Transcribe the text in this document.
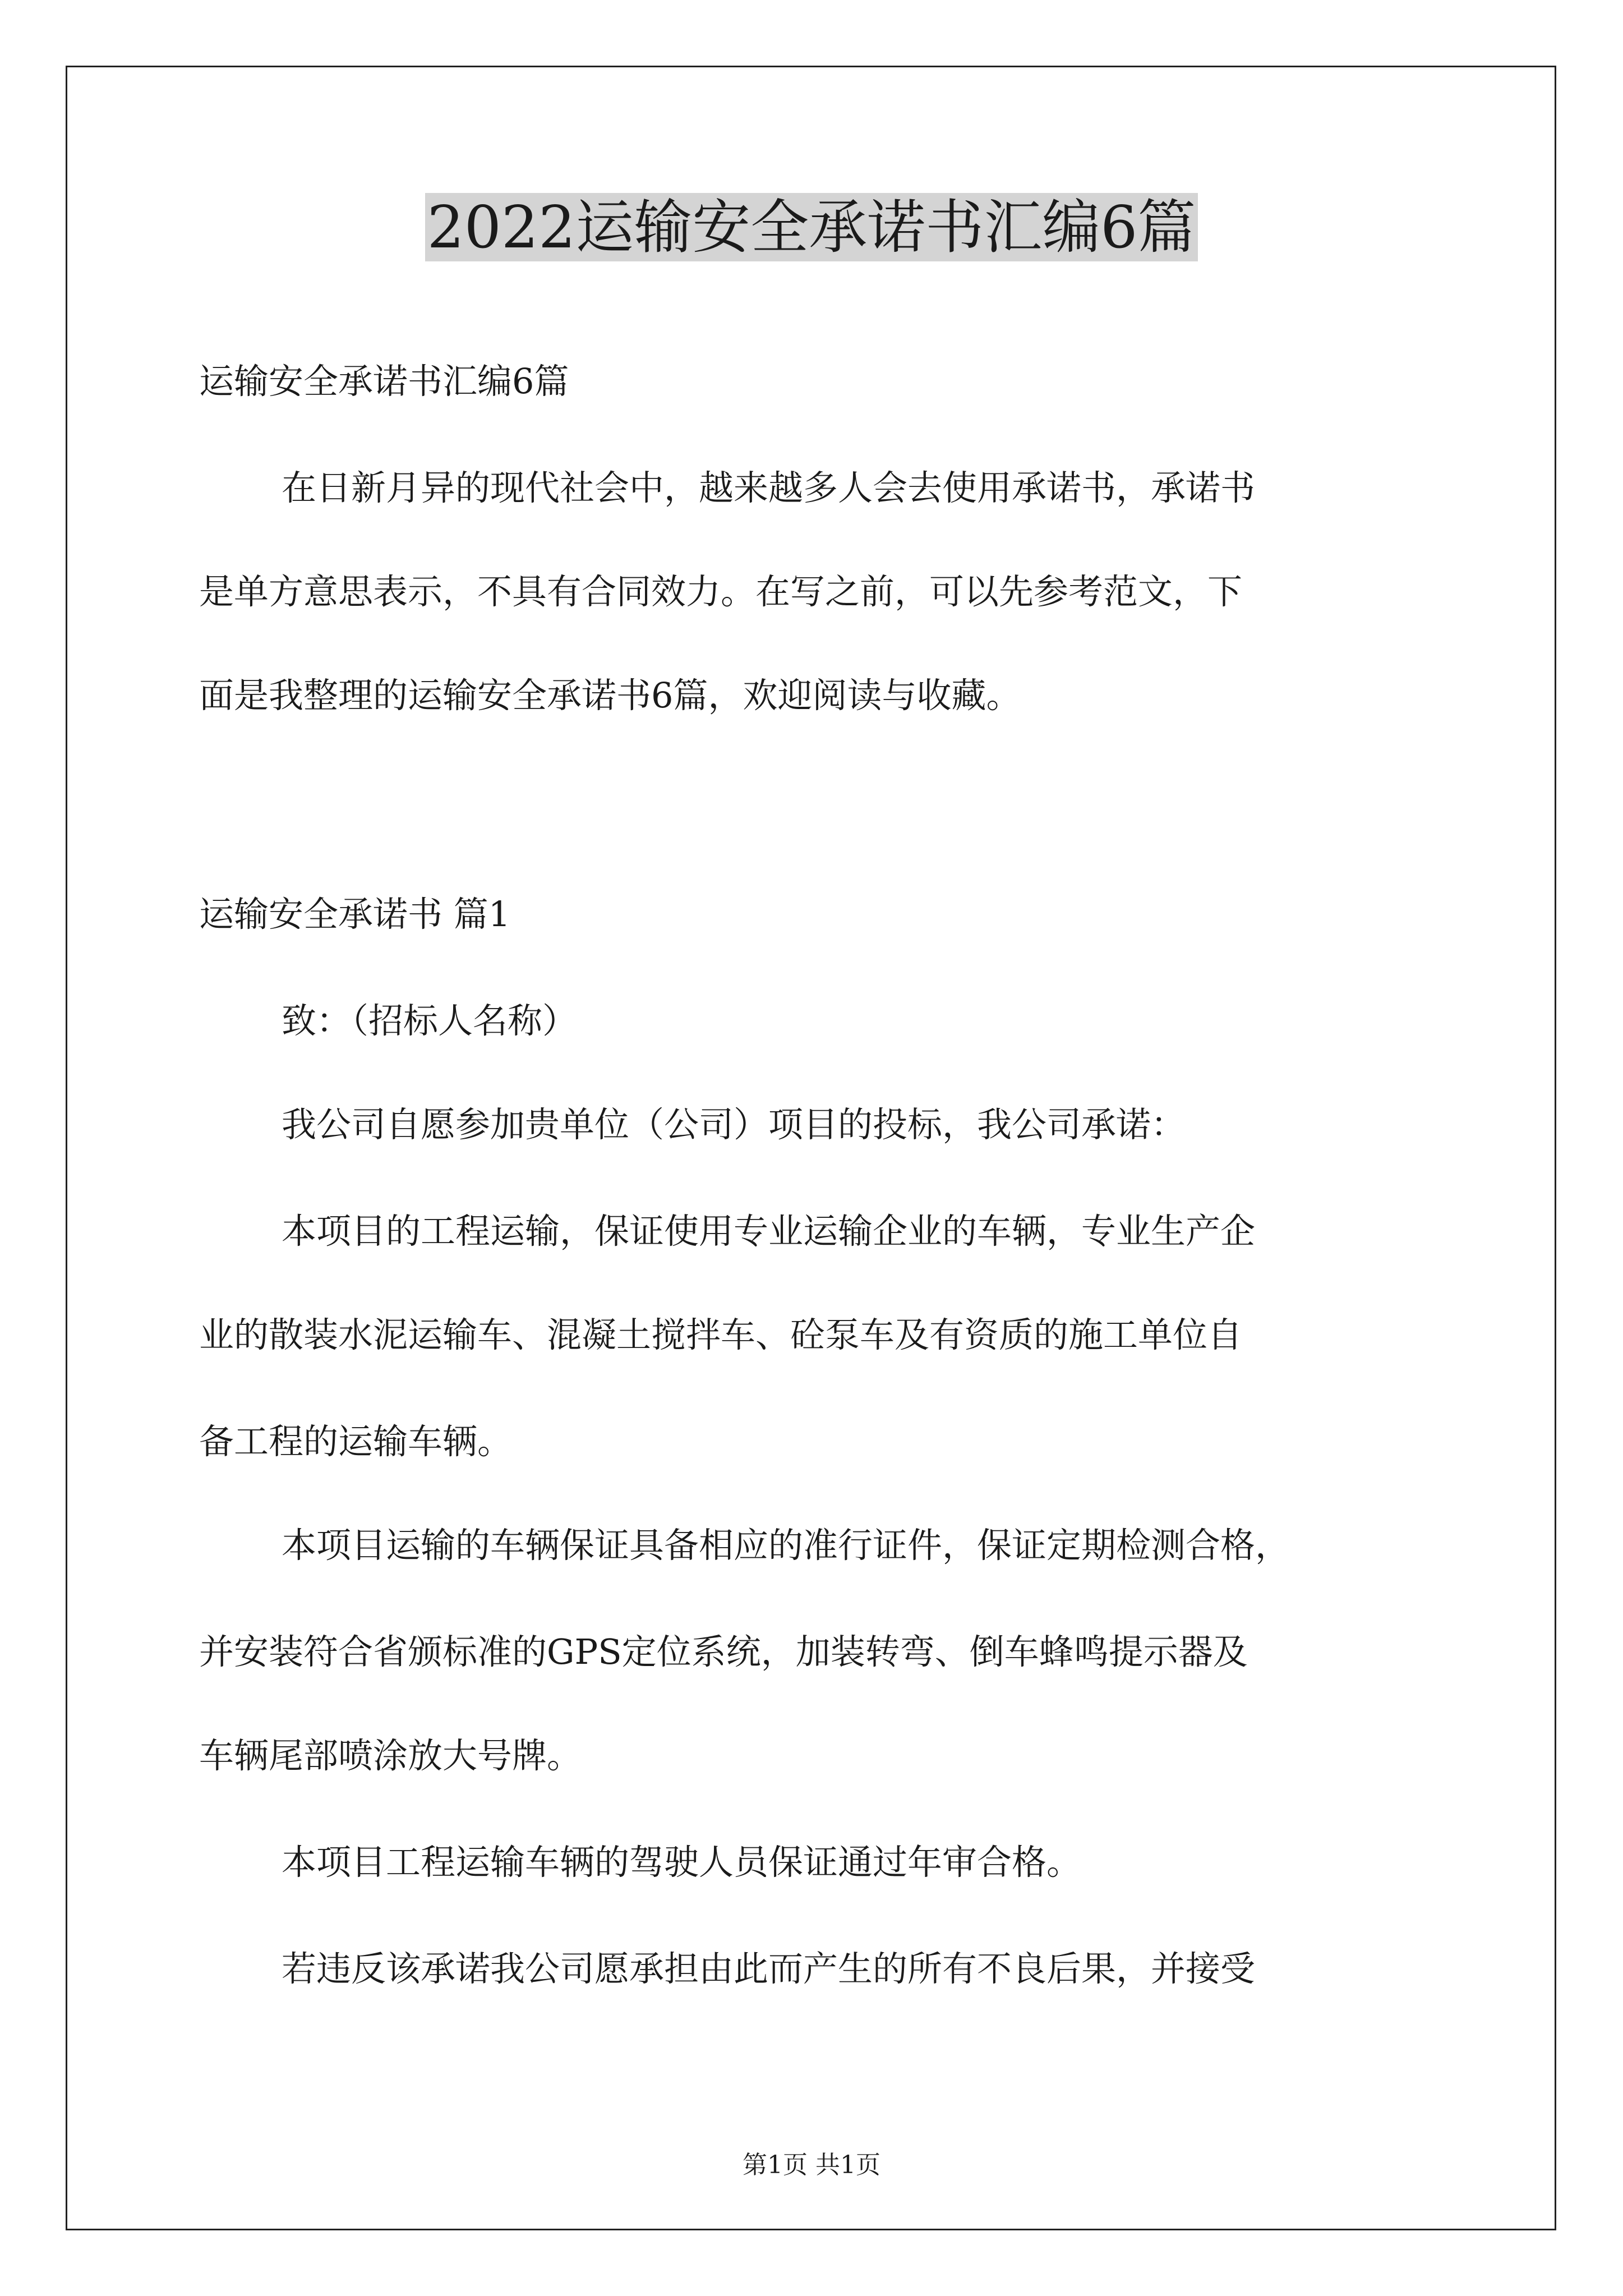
2022运输安全承诺书汇编6篇
运输安全承诺书汇编6篇
在日新月异的现代社会中，越来越多人会去使用承诺书，承诺书
是单方意思表示，不具有合同效力。在写之前，可以先参考范文，下
面是我整理的运输安全承诺书6篇，欢迎阅读与收藏。
运输安全承诺书 篇1
致：（招标人名称）
我公司自愿参加贵单位（公司）项目的投标，我公司承诺：
本项目的工程运输，保证使用专业运输企业的车辆，专业生产企
业的散装水泥运输车、混凝土搅拌车、砼泵车及有资质的施工单位自
备工程的运输车辆。
本项目运输的车辆保证具备相应的准行证件，保证定期检测合格，
并安装符合省颁标准的GPS定位系统，加装转弯、倒车蜂鸣提示器及
车辆尾部喷涂放大号牌。
本项目工程运输车辆的驾驶人员保证通过年审合格。
若违反该承诺我公司愿承担由此而产生的所有不良后果，并接受
第1页 共1页
